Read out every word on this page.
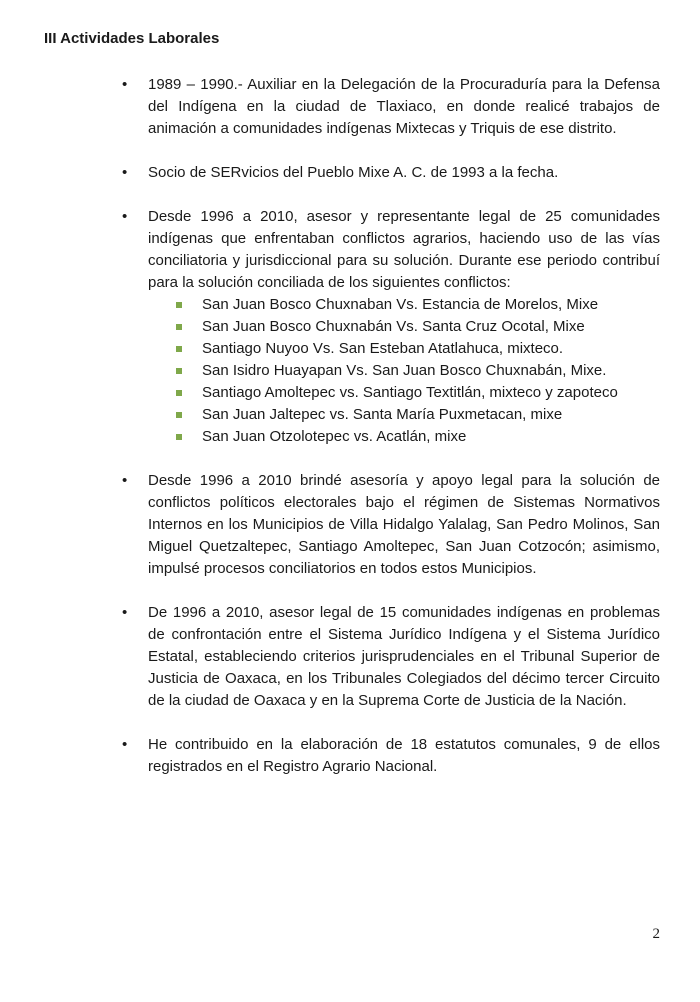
III Actividades Laborales
•	1989 – 1990.- Auxiliar en la Delegación de la Procuraduría para la Defensa del Indígena en la ciudad de Tlaxiaco, en donde realicé trabajos de animación a comunidades indígenas Mixtecas y Triquis de ese distrito.
•	Socio de SERvicios del Pueblo Mixe A. C. de 1993 a la fecha.
•	Desde 1996 a 2010, asesor y representante legal de 25 comunidades indígenas que enfrentaban conflictos agrarios, haciendo uso de las vías conciliatoria y jurisdiccional para su solución. Durante ese periodo contribuí para la solución conciliada de los siguientes conflictos:
San Juan Bosco Chuxnaban Vs. Estancia de Morelos, Mixe
San Juan Bosco Chuxnabán Vs. Santa Cruz Ocotal, Mixe
Santiago Nuyoo Vs. San Esteban Atatlahuca, mixteco.
San Isidro Huayapan Vs. San Juan Bosco Chuxnabán, Mixe.
Santiago Amoltepec vs. Santiago Textitlán, mixteco y zapoteco
San Juan Jaltepec vs. Santa María Puxmetacan, mixe
San Juan Otzolotepec vs. Acatlán, mixe
•	Desde 1996 a 2010 brindé asesoría y apoyo legal para la solución de conflictos políticos electorales bajo el régimen de Sistemas Normativos Internos en los Municipios de Villa Hidalgo Yalalag, San Pedro Molinos, San Miguel Quetzaltepec, Santiago Amoltepec, San Juan Cotzocón; asimismo, impulsé procesos conciliatorios en todos estos Municipios.
•	De 1996 a 2010, asesor legal de 15 comunidades indígenas en problemas de confrontación entre el Sistema Jurídico Indígena y el Sistema Jurídico Estatal, estableciendo criterios jurisprudenciales en el Tribunal Superior de Justicia de Oaxaca, en los Tribunales Colegiados del décimo tercer Circuito de la ciudad de Oaxaca y en la Suprema Corte de Justicia de la Nación.
•	He contribuido en la elaboración de 18 estatutos comunales, 9 de ellos registrados en el Registro Agrario Nacional.
2
